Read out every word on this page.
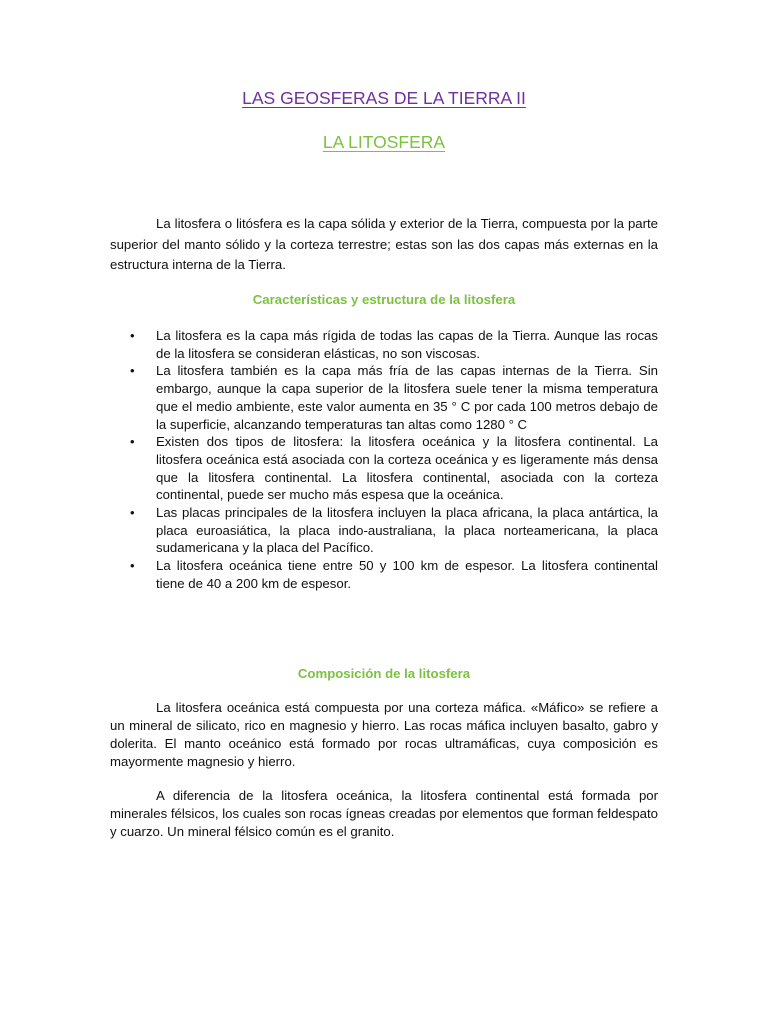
LAS GEOSFERAS DE LA TIERRA II
LA LITOSFERA

La litosfera o litósfera es la capa sólida y exterior de la Tierra, compuesta por la parte superior del manto sólido y la corteza terrestre; estas son las dos capas más externas en la estructura interna de la Tierra.

Características y estructura de la litosfera
• La litosfera es la capa más rígida de todas las capas de la Tierra. Aunque las rocas de la litosfera se consideran elásticas, no son viscosas.
• La litosfera también es la capa más fría de las capas internas de la Tierra. Sin embargo, aunque la capa superior de la litosfera suele tener la misma temperatura que el medio ambiente, este valor aumenta en 35 ° C por cada 100 metros debajo de la superficie, alcanzando temperaturas tan altas como 1280 ° C
• Existen dos tipos de litosfera: la litosfera oceánica y la litosfera continental. La litosfera oceánica está asociada con la corteza oceánica y es ligeramente más densa que la litosfera continental. La litosfera continental, asociada con la corteza continental, puede ser mucho más espesa que la oceánica.
• Las placas principales de la litosfera incluyen la placa africana, la placa antártica, la placa euroasiática, la placa indo-australiana, la placa norteamericana, la placa sudamericana y la placa del Pacífico.
• La litosfera oceánica tiene entre 50 y 100 km de espesor. La litosfera continental tiene de 40 a 200 km de espesor.
Composición de la litosfera

La litosfera oceánica está compuesta por una corteza máfica. «Máfico» se refiere a un mineral de silicato, rico en magnesio y hierro. Las rocas máfica incluyen basalto, gabro y dolerita. El manto oceánico está formado por rocas ultramáficas, cuya composición es mayormente magnesio y hierro.

A diferencia de la litosfera oceánica, la litosfera continental está formada por minerales félsicos, los cuales son rocas ígneas creadas por elementos que forman feldespato y cuarzo. Un mineral félsico común es el granito.
